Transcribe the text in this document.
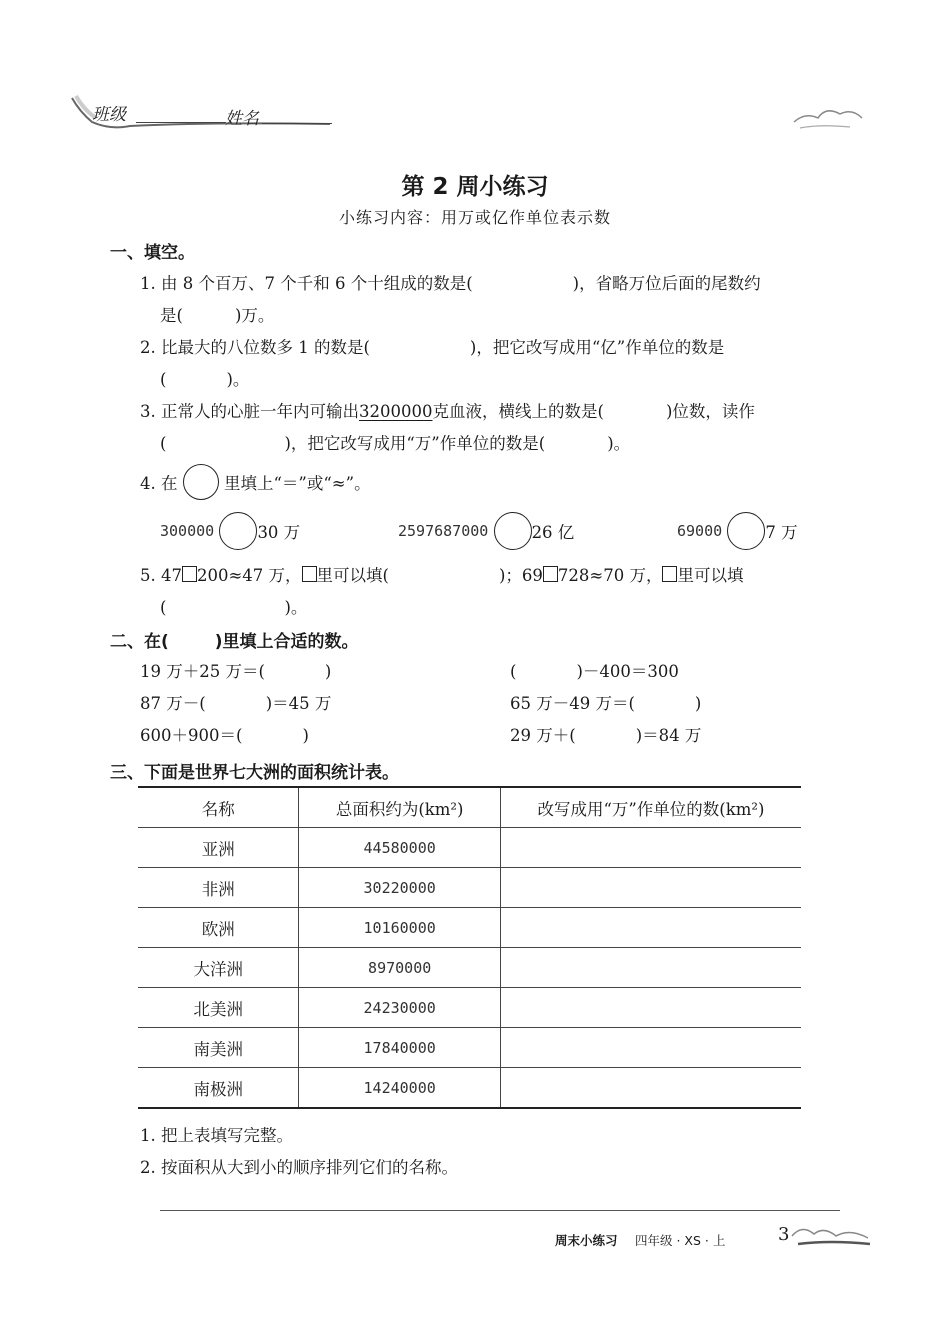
班级	姓名
第 2 周小练习
小练习内容：用万或亿作单位表示数
一、填空。
1. 由 8 个百万、7 个千和 6 个十组成的数是(	)，省略万位后面的尾数约
是(	)万。
2. 比最大的八位数多 1 的数是(	)，把它改写成用“亿”作单位的数是
(	)。
3. 正常人的心脏一年内可输出3200000克血液，横线上的数是(	)位数，读作
(	)，把它改写成用“万”作单位的数是(	)。
4. 在	里填上“＝”或“≈”。
300000	30 万	2597687000	26 亿	69000	7 万
5. 47 200≈47 万， 里可以填(	)；69 728≈70 万， 里可以填
(	)。
二、在(	)里填上合适的数。
19 万＋25 万＝(	)	(	)－400＝300
87 万－(	)＝45 万	65 万－49 万＝(	)
600＋900＝(	)	29 万＋(	)＝84 万
三、下面是世界七大洲的面积统计表。
名称	总面积约为(km²)	改写成用“万”作单位的数(km²)
亚洲	44580000	
非洲	30220000	
欧洲	10160000	
大洋洲	8970000	
北美洲	24230000	
南美洲	17840000	
南极洲	14240000	
1. 把上表填写完整。
2. 按面积从大到小的顺序排列它们的名称。
周末小练习 四年级 · XS · 上	3
